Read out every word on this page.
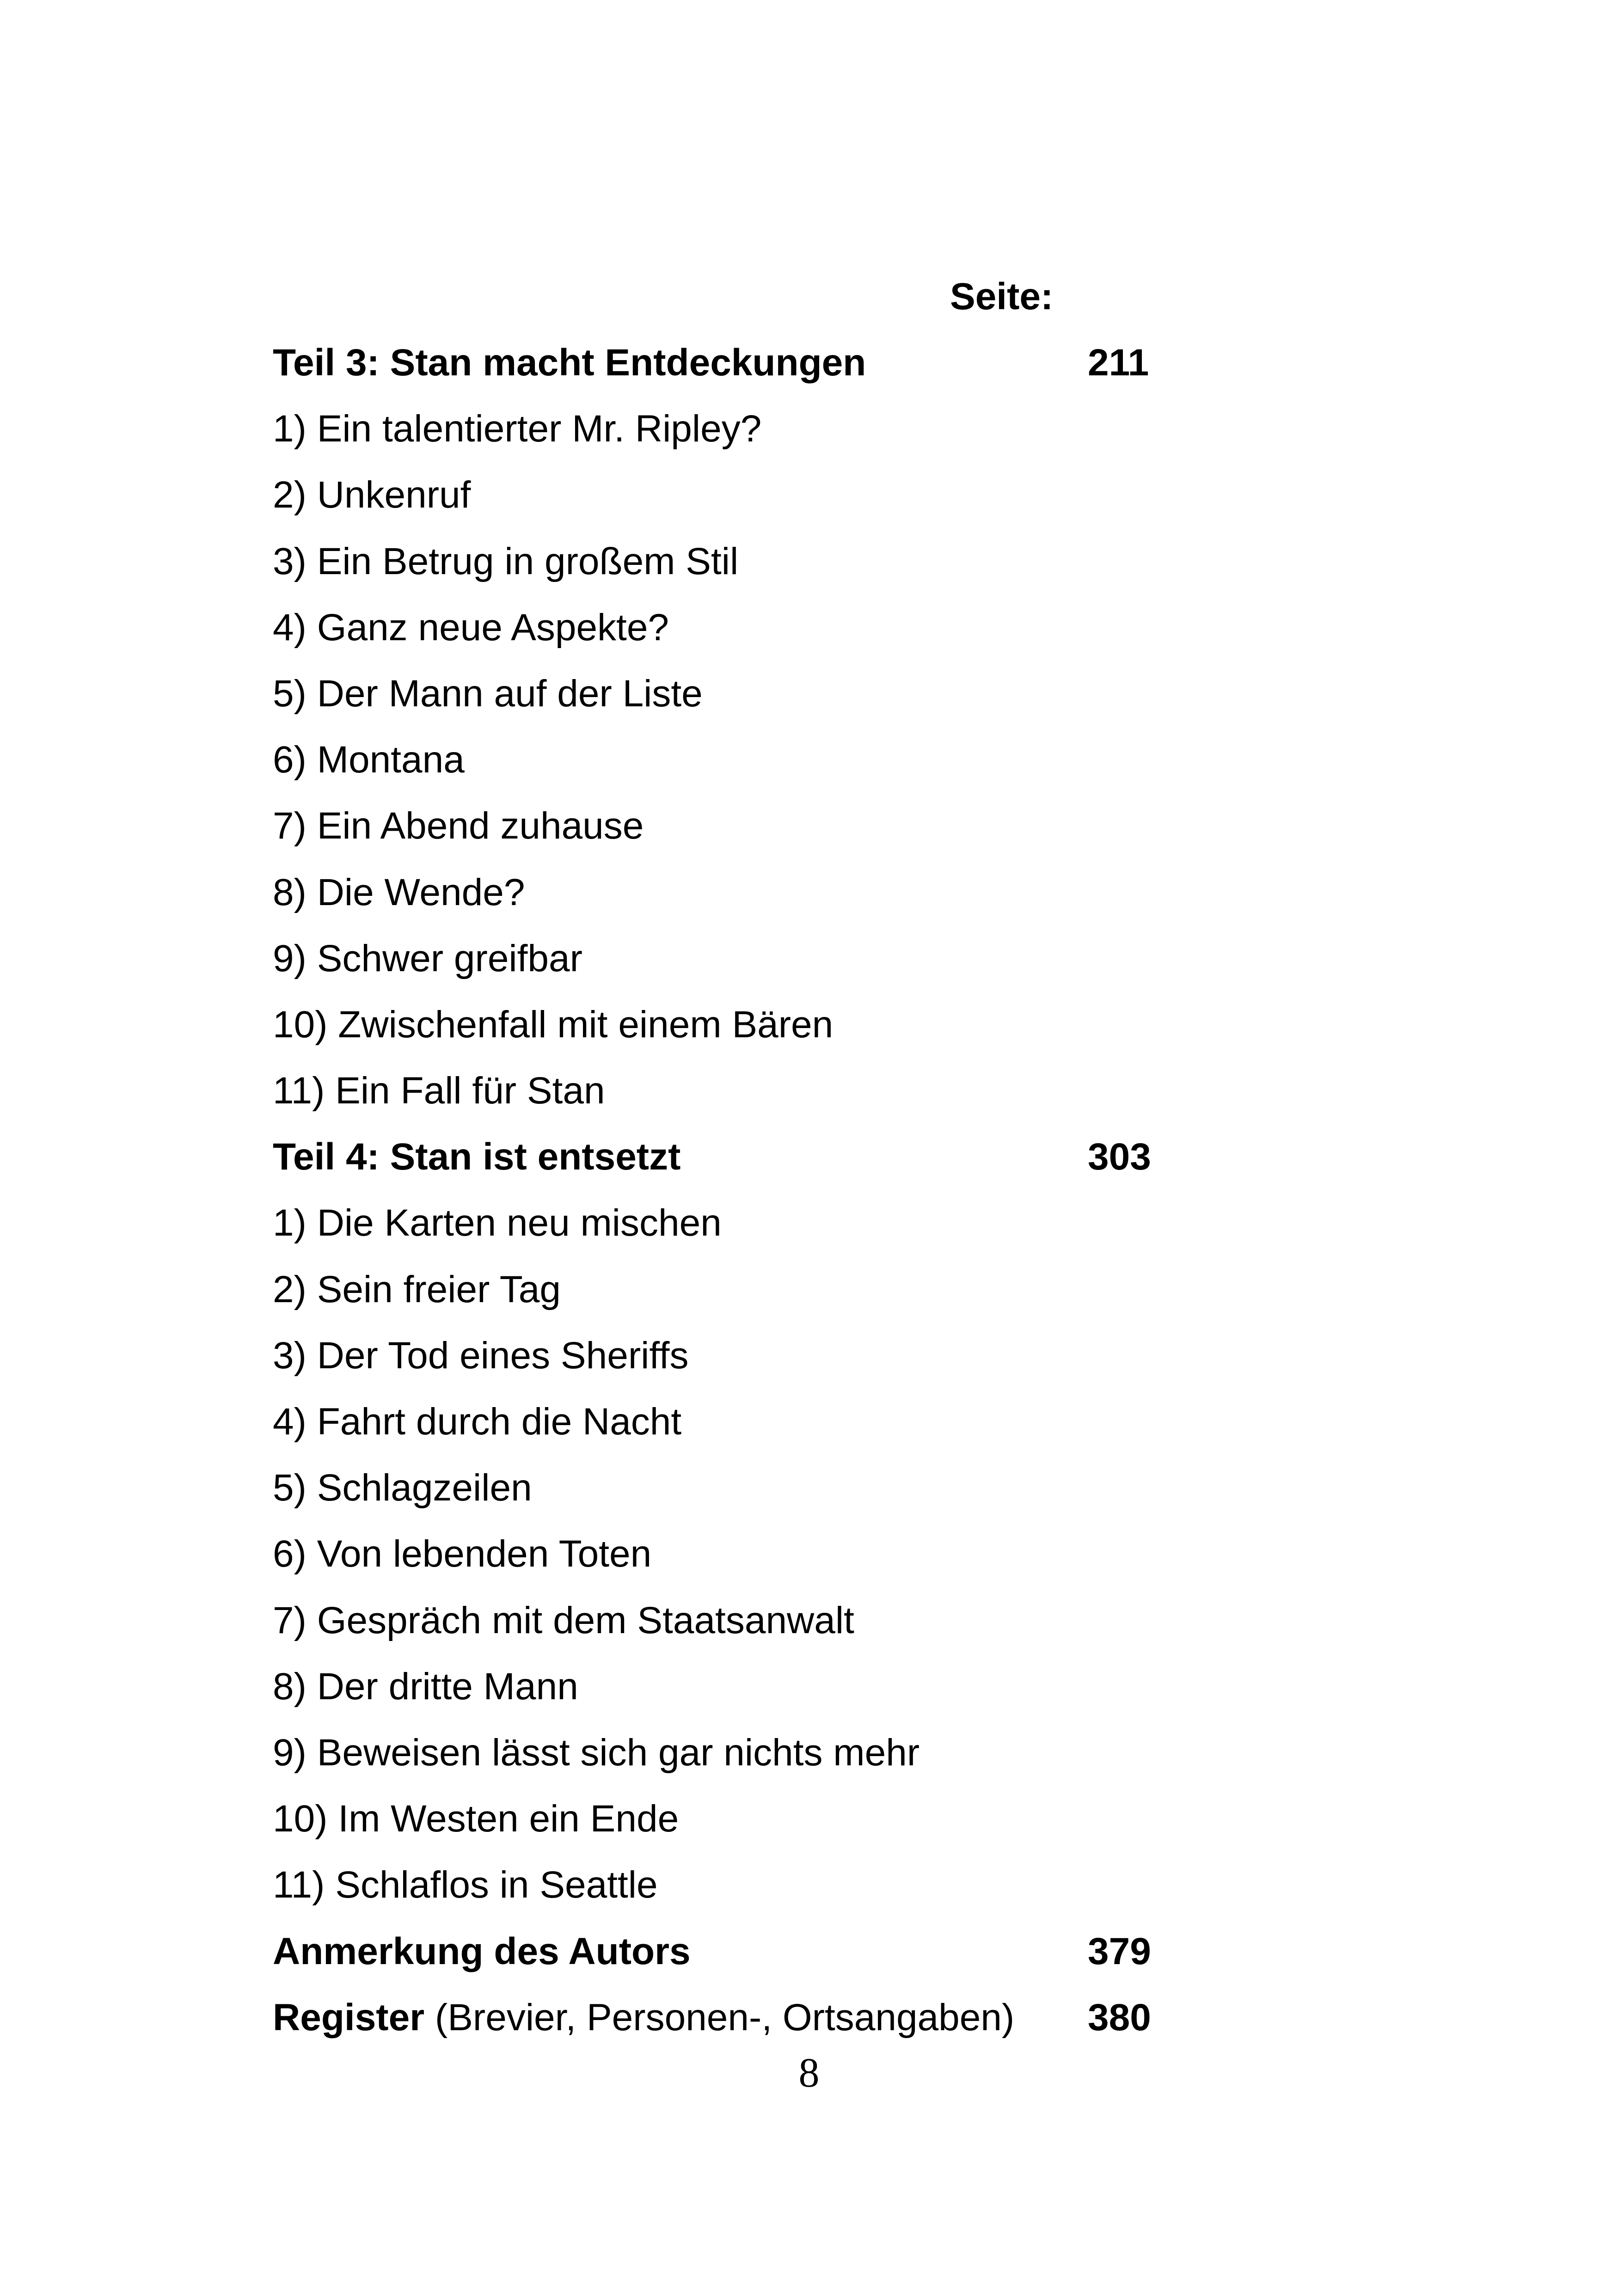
Seite:
Teil 3: Stan macht Entdeckungen	211
1) Ein talentierter Mr. Ripley?
2) Unkenruf
3) Ein Betrug in großem Stil
4) Ganz neue Aspekte?
5) Der Mann auf der Liste
6) Montana
7) Ein Abend zuhause
8) Die Wende?
9) Schwer greifbar
10) Zwischenfall mit einem Bären
11) Ein Fall für Stan
Teil 4: Stan ist entsetzt	303
1) Die Karten neu mischen
2) Sein freier Tag
3) Der Tod eines Sheriffs
4) Fahrt durch die Nacht
5) Schlagzeilen
6) Von lebenden Toten
7) Gespräch mit dem Staatsanwalt
8) Der dritte Mann
9) Beweisen lässt sich gar nichts mehr
10) Im Westen ein Ende
11) Schlaflos in Seattle
Anmerkung des Autors	379
Register (Brevier, Personen-, Ortsangaben) 380
8
